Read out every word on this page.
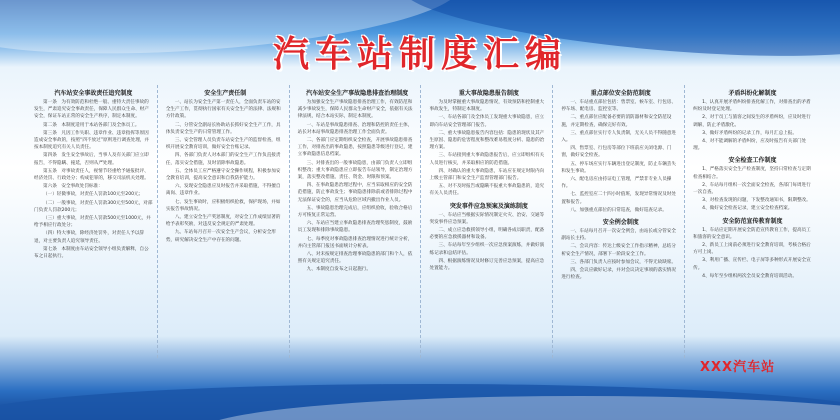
汽车站制度汇编
汽车站安全事故责任追究制度
第一条　为有效防范和杜绝一般、重特大责任事故的发生，严肃追究安全事故责任，保障人民群众生命、财产安全，保证车站正常的安全生产秩序，制定本制度。
第二条　本制度适用于本站各部门及全体员工。
第三条　凡因工作失职、违章作业、违章指挥等原因造成安全事故的，按照“四不放过”原则进行调查处理，并按本制度追究有关人员责任。
第四条　发生安全事故后，当事人及有关部门应立即报告，不得隐瞒、拖延，否则从严处理。
第五条　对事故责任人，视情节轻重给予通报批评、经济处罚、行政处分；构成犯罪的，移交司法机关处理。
第六条　安全事故处罚标准：
（一）轻微事故，对责任人罚款100元至200元；
（二）一般事故，对责任人罚款300元至500元，对部门负责人罚款200元；
（三）重大事故，对责任人罚款500元至1000元，并给予相应行政处分；
（四）特大事故，除经济处罚外，对责任人予以辞退，对主要负责人追究领导责任。
第七条　本制度由车站安全领导小组负责解释，自公布之日起执行。
安全生产责任制
一、站长为安全生产第一责任人，全面负责车站的安全生产工作，贯彻执行国家有关安全生产的法律、法规和方针政策。
二、分管安全副站长协助站长抓好安全生产工作，具体负责安全生产的日常管理工作。
三、安全管理人员负责车站安全生产的监督检查，组织开展安全教育培训，做好安全台账记录。
四、各部门负责人对本部门的安全生产工作负直接责任，落实安全措施，及时消除事故隐患。
五、全体员工应严格遵守安全操作规程，积极参加安全教育培训，提高安全意识和自我防护能力。
六、发现安全隐患应及时报告并采取措施，不得擅自离岗、违章作业。
七、发生事故时，应积极组织抢救，保护现场，并如实报告事故情况。
八、建立安全生产奖惩制度，对安全工作成绩显著的给予表彰奖励，对违反安全规定的严肃处理。
九、车站每月召开一次安全生产会议，分析安全形势，研究解决安全生产中存在的问题。
汽车站安全生产事故隐患排查治理制度
为加强安全生产事故隐患排查治理工作，有效防范和减少事故发生，保障人民群众生命财产安全，依据有关法律法规，结合本站实际，制定本制度。
一、车站是事故隐患排查、治理和防控的责任主体，站长对本站事故隐患排查治理工作全面负责。
二、各部门应定期组织安全检查，开展事故隐患排查工作，对排查出的事故隐患，按照隐患等级进行登记，建立事故隐患信息档案。
三、对排查出的一般事故隐患，由部门负责人立即组织整改；重大事故隐患应立即报告车站领导，制定治理方案，落实整改措施、责任、资金、时限和预案。
四、在事故隐患治理过程中，应当采取相应的安全防范措施，防止事故发生；事故隐患排除前或者排除过程中无法保证安全的，应当从危险区域内撤出作业人员。
五、事故隐患治理完成后，应组织验收，验收合格后方可恢复正常运营。
六、车站应当建立事故隐患排查治理奖惩制度，鼓励员工发现和排除事故隐患。
七、每季度对事故隐患排查治理情况进行统计分析，并向主管部门报送书面统计分析表。
八、对未按规定排查治理事故隐患的部门和个人，依照有关规定追究责任。
九、本制度自发布之日起施行。
重大事故隐患报告制度
为及时掌握重大事故隐患情况，有效预防和控制重大事故发生，特制定本制度。
一、车站各部门及全体员工发现重大事故隐患，应立即向车站安全管理部门报告。
二、重大事故隐患报告内容包括：隐患的现状及其产生原因、隐患的危害程度和整改难易程度分析、隐患的治理方案。
三、车站接到重大事故隐患报告后，应立即组织有关人员进行核实，并采取相应的防范措施。
四、对确认的重大事故隐患，车站应在规定时限内向上级主管部门和安全生产监督管理部门报告。
五、对不及时报告或隐瞒不报重大事故隐患的，追究有关人员责任。
突发事件应急预案及演练制度
一、车站应当根据实际情况制定火灾、治安、交通等突发事件应急预案。
二、成立应急救援领导小组，明确各成员职责，配备必要的应急救援器材和设备。
三、车站每年至少组织一次应急预案演练，并做好演练记录和总结评估。
四、根据演练情况及时修订完善应急预案，提高应急处置能力。
重点部位安全防范制度
一、车站重点部位包括：售票室、候车室、行包房、停车场、配电房、监控室等。
二、重点部位应配备必要的消防器材和安全防范设施，并定期检查，确保完好有效。
三、重点部位实行专人负责制，无关人员不得随意进入。
四、售票室、行包房等部位下班前应关闭电源、门窗，做好安全检查。
五、停车场应实行车辆进出登记制度，防止车辆丢失和发生事故。
六、配电房应由持证电工管理，严禁非专业人员操作。
七、监控室应二十四小时值班，发现异常情况及时处置和报告。
八、加强重点部位的日常巡查，做好巡查记录。
安全例会制度
一、车站每月召开一次安全例会，由站长或分管安全副站长主持。
二、会议内容：传达上级安全工作指示精神，总结分析安全生产情况，部署下一阶段安全工作。
三、各部门负责人应按时参加会议，不得无故缺席。
四、会议应做好记录，并对会议决定事项的落实情况进行检查。
矛盾纠纷化解制度
1、认真开展矛盾纠纷排查化解工作，对排查出的矛盾纠纷及时登记处理。
2、对于员工与旅客之间发生的矛盾纠纷，应及时进行调解，防止矛盾激化。
3、做好矛盾纠纷的记录工作，每月汇总上报。
4、对不能调解的矛盾纠纷，应及时报告有关部门处理。
安全检查工作制度
1、严格落实安全生产检查制度，坚持日常检查与定期检查相结合。
2、车站每月组织一次全面安全检查，各部门每周进行一次自查。
3、对检查发现的问题，下发整改通知书，限期整改。
4、做好安全检查记录，建立安全检查档案。
安全防范宣传教育制度
1、车站应定期开展安全防范宣传教育工作，提高员工和旅客的安全意识。
2、新员工上岗前必须进行安全教育培训，考核合格后方可上岗。
3、利用广播、宣传栏、电子屏等多种形式开展安全宣传。
4、每年至少组织两次全员安全教育培训活动。
XXX汽车站
